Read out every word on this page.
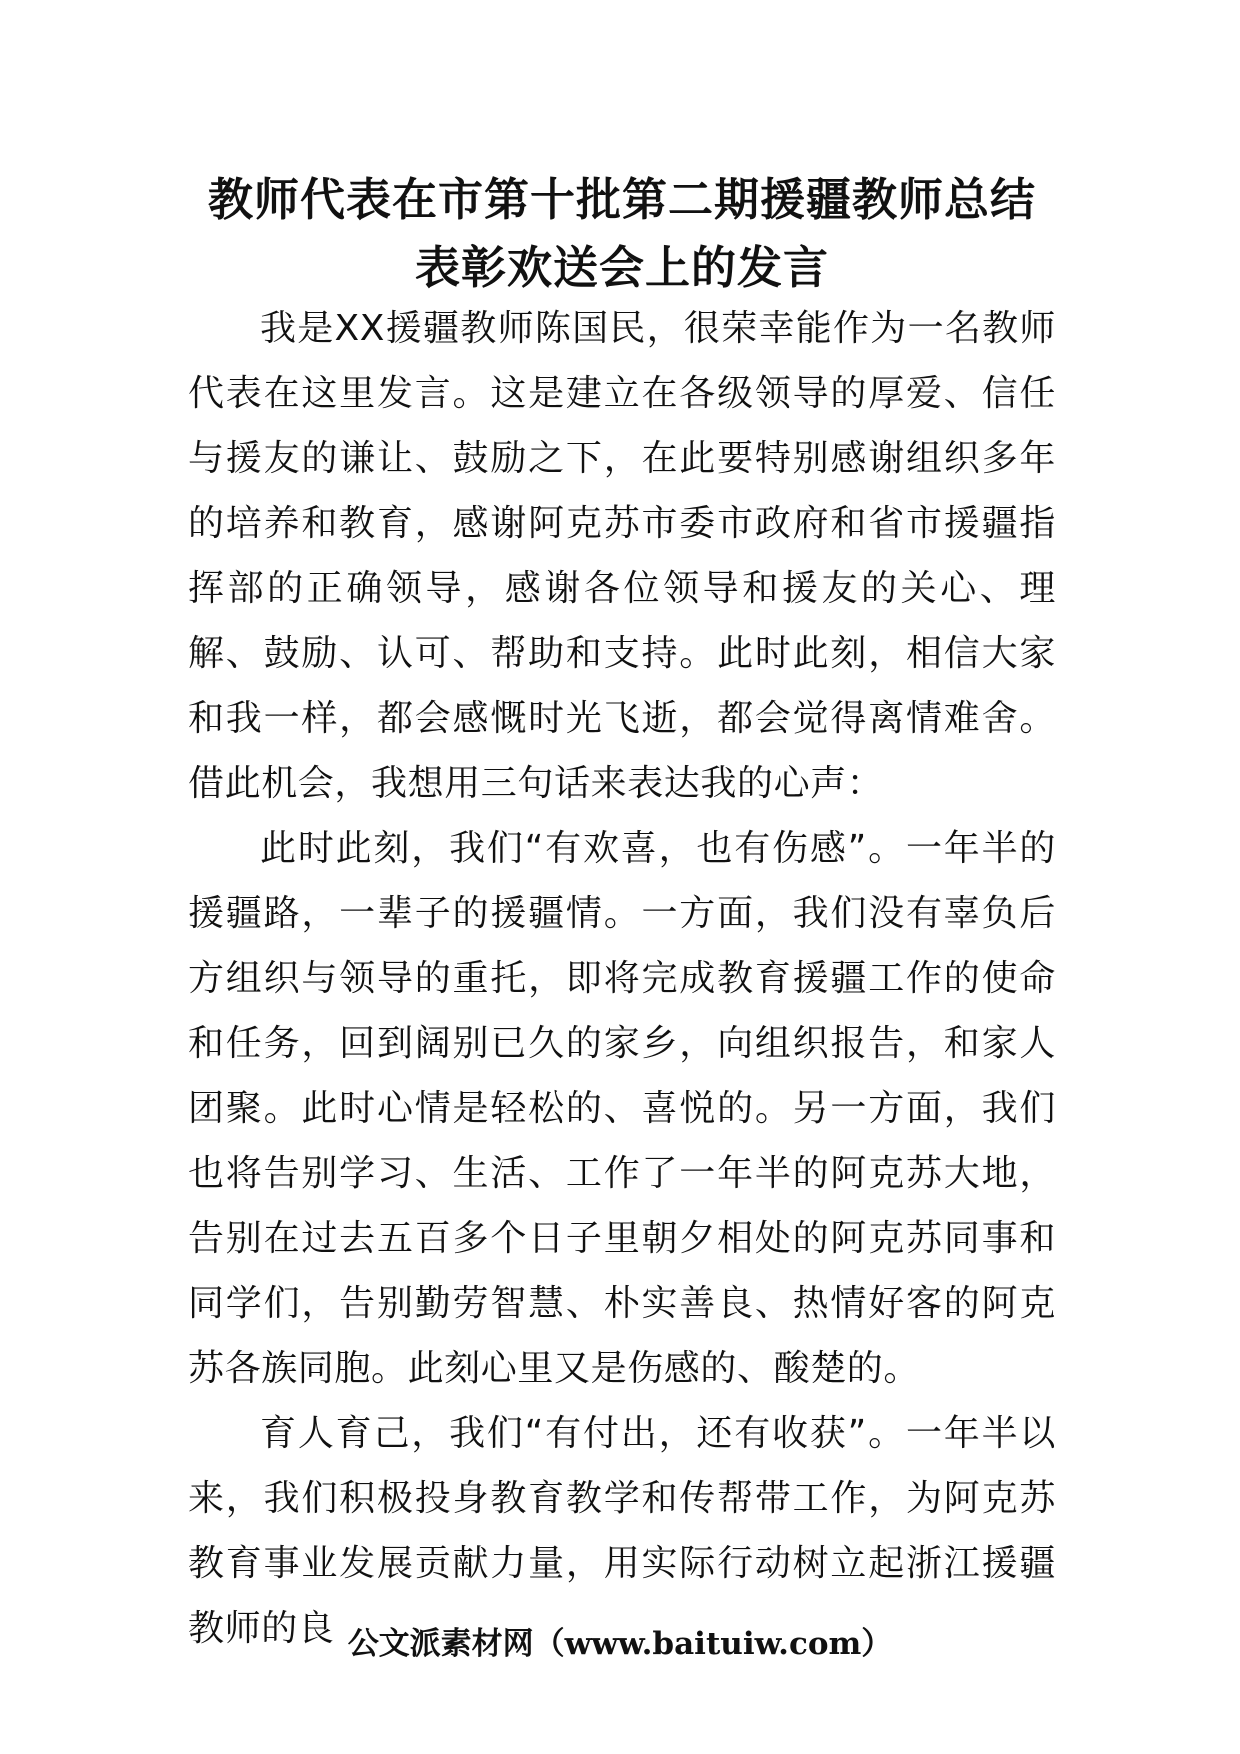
教师代表在市第十批第二期援疆教师总结
表彰欢送会上的发言

我是XX援疆教师陈国民，很荣幸能作为一名教师代表在这里发言。这是建立在各级领导的厚爱、信任与援友的谦让、鼓励之下，在此要特别感谢组织多年的培养和教育，感谢阿克苏市委市政府和省市援疆指挥部的正确领导，感谢各位领导和援友的关心、理解、鼓励、认可、帮助和支持。此时此刻，相信大家和我一样，都会感慨时光飞逝，都会觉得离情难舍。借此机会，我想用三句话来表达我的心声：

此时此刻，我们“有欢喜，也有伤感”。一年半的援疆路，一辈子的援疆情。一方面，我们没有辜负后方组织与领导的重托，即将完成教育援疆工作的使命和任务，回到阔别已久的家乡，向组织报告，和家人团聚。此时心情是轻松的、喜悦的。另一方面，我们也将告别学习、生活、工作了一年半的阿克苏大地，告别在过去五百多个日子里朝夕相处的阿克苏同事和同学们，告别勤劳智慧、朴实善良、热情好客的阿克苏各族同胞。此刻心里又是伤感的、酸楚的。

育人育己，我们“有付出，还有收获”。一年半以来，我们积极投身教育教学和传帮带工作，为阿克苏教育事业发展贡献力量，用实际行动树立起浙江援疆教师的良 公文派素材网（www.baituiw.com）
